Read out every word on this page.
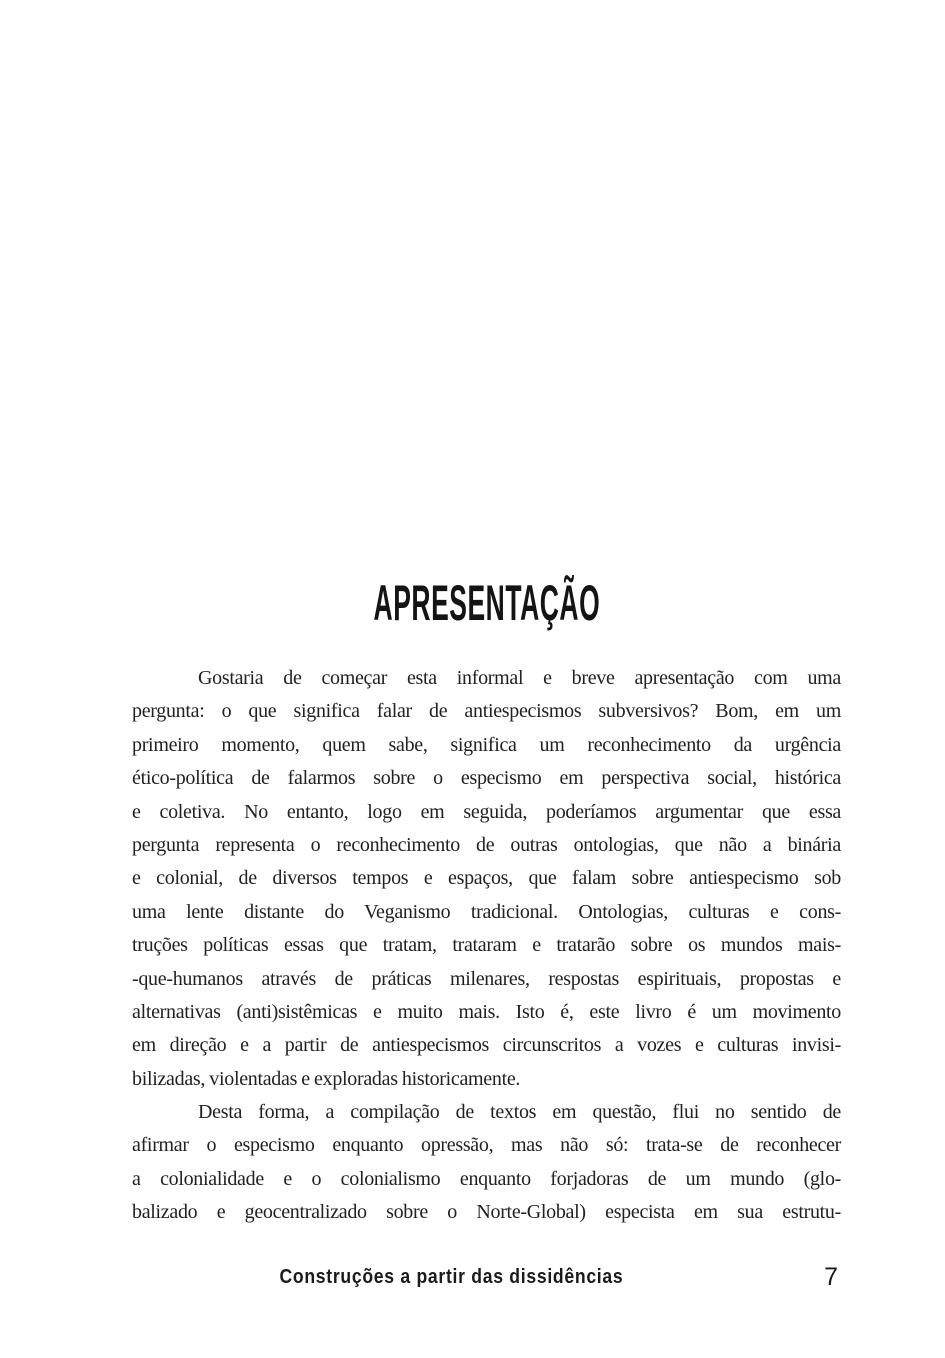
APRESENTAÇÃO
Gostaria de começar esta informal e breve apresentação com uma
pergunta: o que significa falar de antiespecismos subversivos? Bom, em um
primeiro momento, quem sabe, significa um reconhecimento da urgência
ético-política de falarmos sobre o especismo em perspectiva social, histórica
e coletiva. No entanto, logo em seguida, poderíamos argumentar que essa
pergunta representa o reconhecimento de outras ontologias, que não a binária
e colonial, de diversos tempos e espaços, que falam sobre antiespecismo sob
uma lente distante do Veganismo tradicional. Ontologias, culturas e cons-
truções políticas essas que tratam, trataram e tratarão sobre os mundos mais-
-que-humanos através de práticas milenares, respostas espirituais, propostas e
alternativas (anti)sistêmicas e muito mais. Isto é, este livro é um movimento
em direção e a partir de antiespecismos circunscritos a vozes e culturas invisi-
bilizadas, violentadas e exploradas historicamente.
Desta forma, a compilação de textos em questão, flui no sentido de
afirmar o especismo enquanto opressão, mas não só: trata-se de reconhecer
a colonialidade e o colonialismo enquanto forjadoras de um mundo (glo-
balizado e geocentralizado sobre o Norte-Global) especista em sua estrutu-
Construções a partir das dissidências	7
